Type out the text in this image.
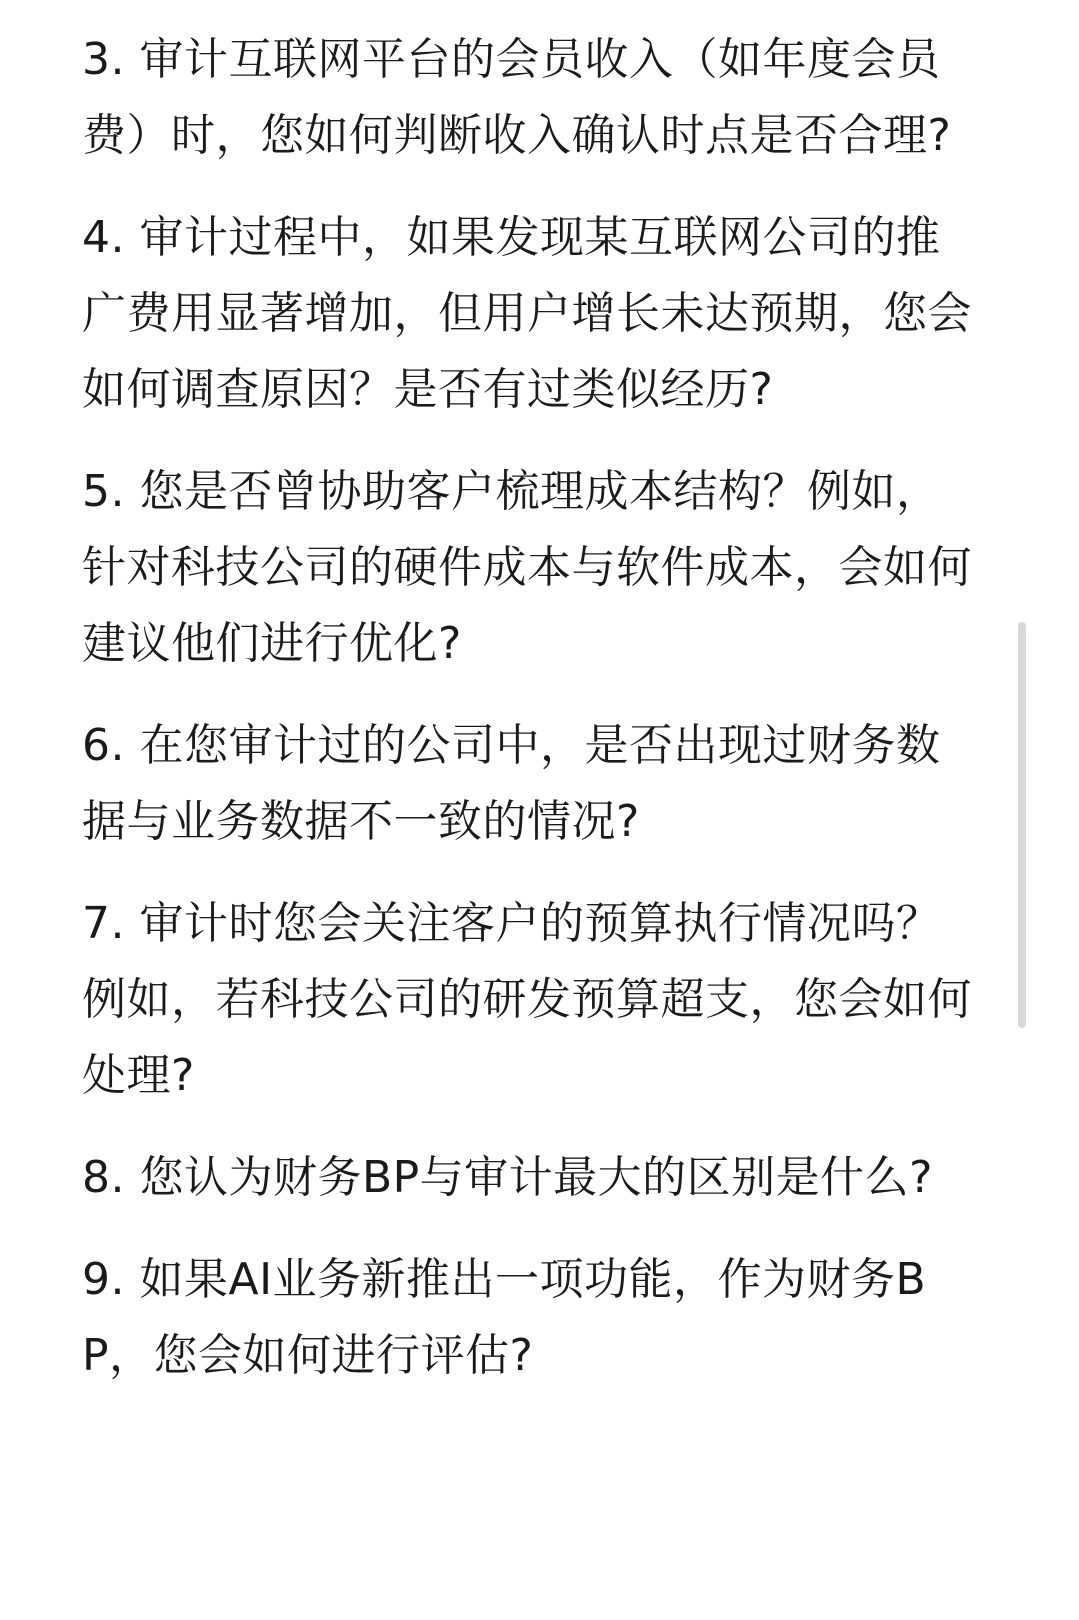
3. 审计互联网平台的会员收入（如年度会员费）时，您如何判断收入确认时点是否合理?

4. 审计过程中，如果发现某互联网公司的推广费用显著增加，但用户增长未达预期，您会如何调查原因？是否有过类似经历?

5. 您是否曾协助客户梳理成本结构？例如，针对科技公司的硬件成本与软件成本，会如何建议他们进行优化?

6. 在您审计过的公司中，是否出现过财务数据与业务数据不一致的情况?

7. 审计时您会关注客户的预算执行情况吗？例如，若科技公司的研发预算超支，您会如何处理?

8. 您认为财务BP与审计最大的区别是什么?

9. 如果AI业务新推出一项功能，作为财务BP，您会如何进行评估?
